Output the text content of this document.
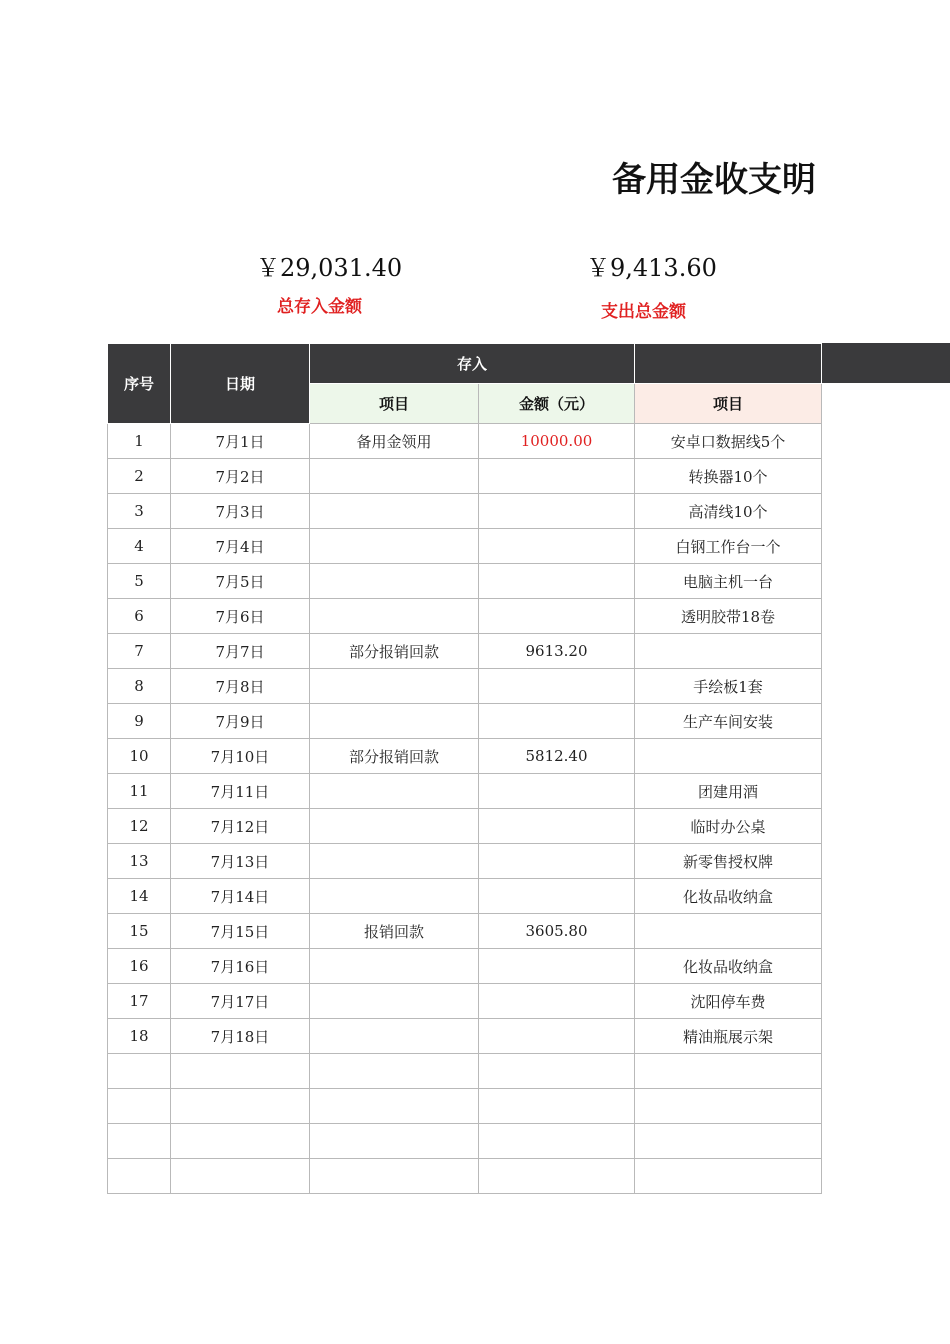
备用金收支明
￥29,031.40
总存入金额
￥9,413.60
支出总金额
序号	日期	存入		
		项目	金额（元）	项目
1	7月1日	备用金领用	10000.00	安卓口数据线5个
2	7月2日			转换器10个
3	7月3日			高清线10个
4	7月4日			白钢工作台一个
5	7月5日			电脑主机一台
6	7月6日			透明胶带18卷
7	7月7日	部分报销回款	9613.20	
8	7月8日			手绘板1套
9	7月9日			生产车间安装
10	7月10日	部分报销回款	5812.40	
11	7月11日			团建用酒
12	7月12日			临时办公桌
13	7月13日			新零售授权牌
14	7月14日			化妆品收纳盒
15	7月15日	报销回款	3605.80	
16	7月16日			化妆品收纳盒
17	7月17日			沈阳停车费
18	7月18日			精油瓶展示架
